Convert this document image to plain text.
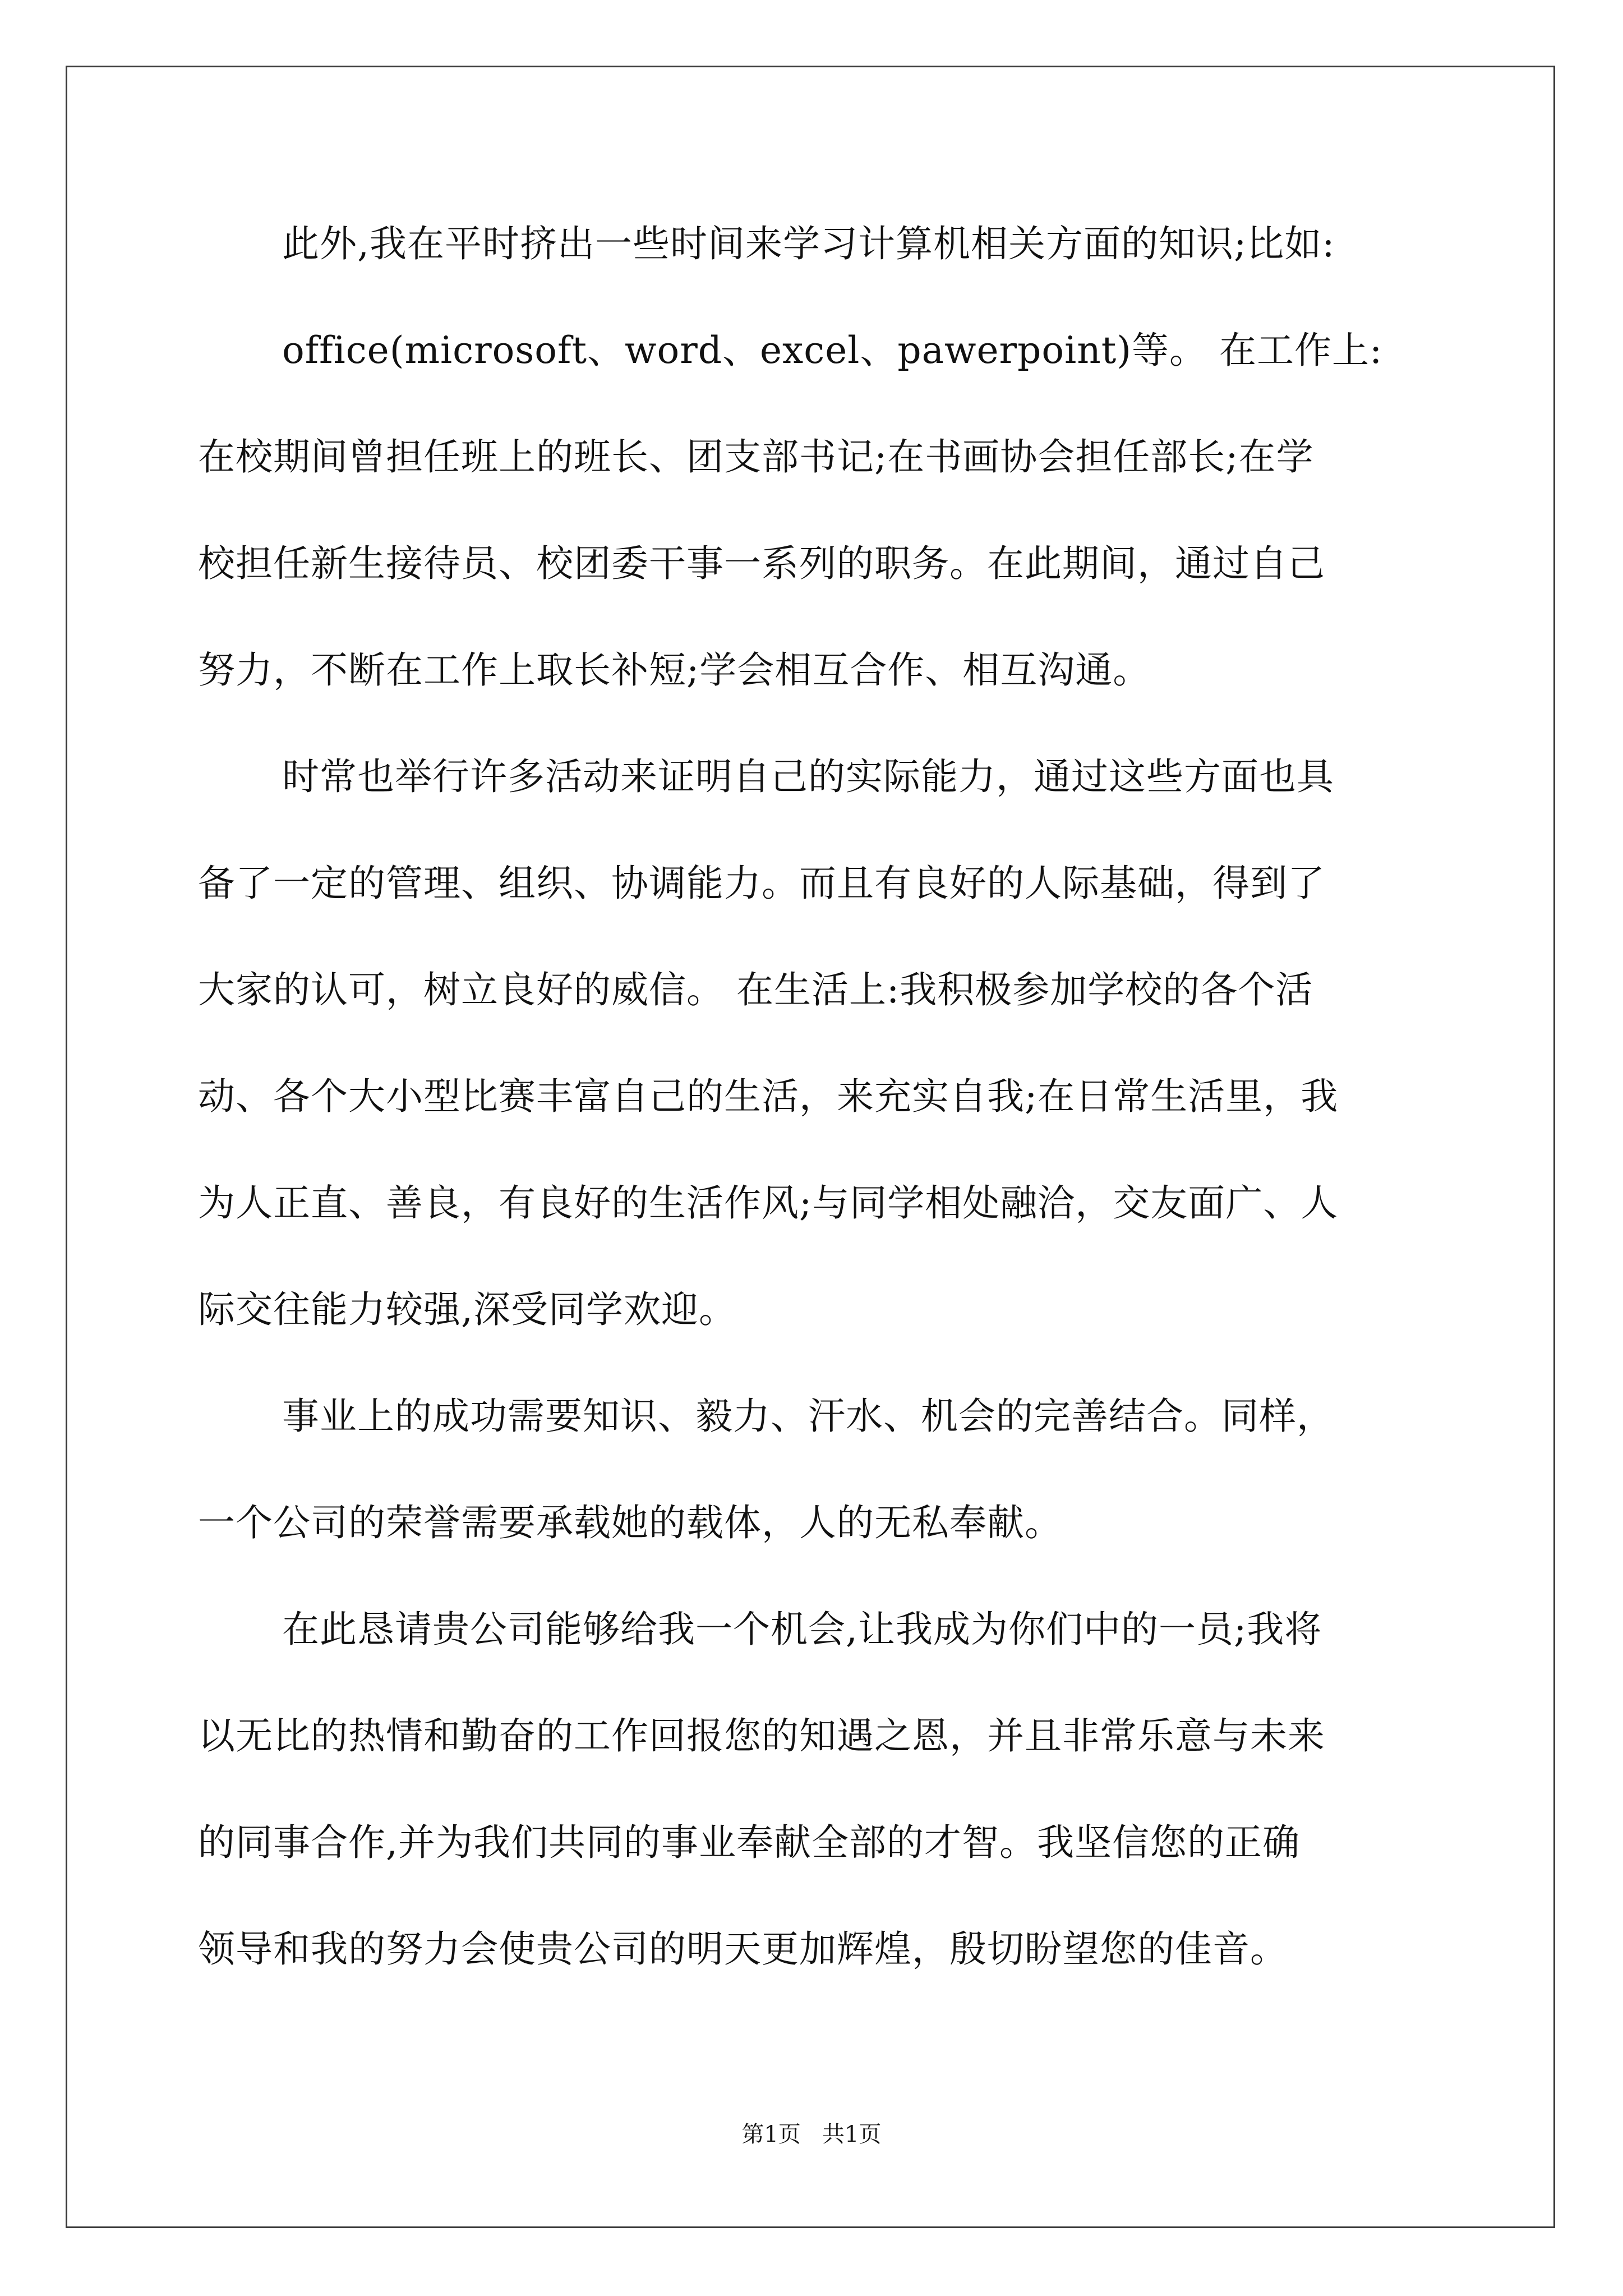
此外,我在平时挤出一些时间来学习计算机相关方面的知识;比如:
office(microsoft、word、excel、pawerpoint)等。 在工作上:
在校期间曾担任班上的班长、团支部书记;在书画协会担任部长;在学
校担任新生接待员、校团委干事一系列的职务。在此期间，通过自己
努力，不断在工作上取长补短;学会相互合作、相互沟通。
时常也举行许多活动来证明自己的实际能力，通过这些方面也具
备了一定的管理、组织、协调能力。而且有良好的人际基础，得到了
大家的认可，树立良好的威信。 在生活上:我积极参加学校的各个活
动、各个大小型比赛丰富自己的生活，来充实自我;在日常生活里，我
为人正直、善良，有良好的生活作风;与同学相处融洽，交友面广、人
际交往能力较强,深受同学欢迎。
事业上的成功需要知识、毅力、汗水、机会的完善结合。同样，
一个公司的荣誉需要承载她的载体，人的无私奉献。
在此恳请贵公司能够给我一个机会,让我成为你们中的一员;我将
以无比的热情和勤奋的工作回报您的知遇之恩，并且非常乐意与未来
的同事合作,并为我们共同的事业奉献全部的才智。我坚信您的正确
领导和我的努力会使贵公司的明天更加辉煌，殷切盼望您的佳音。
第1页   共1页
